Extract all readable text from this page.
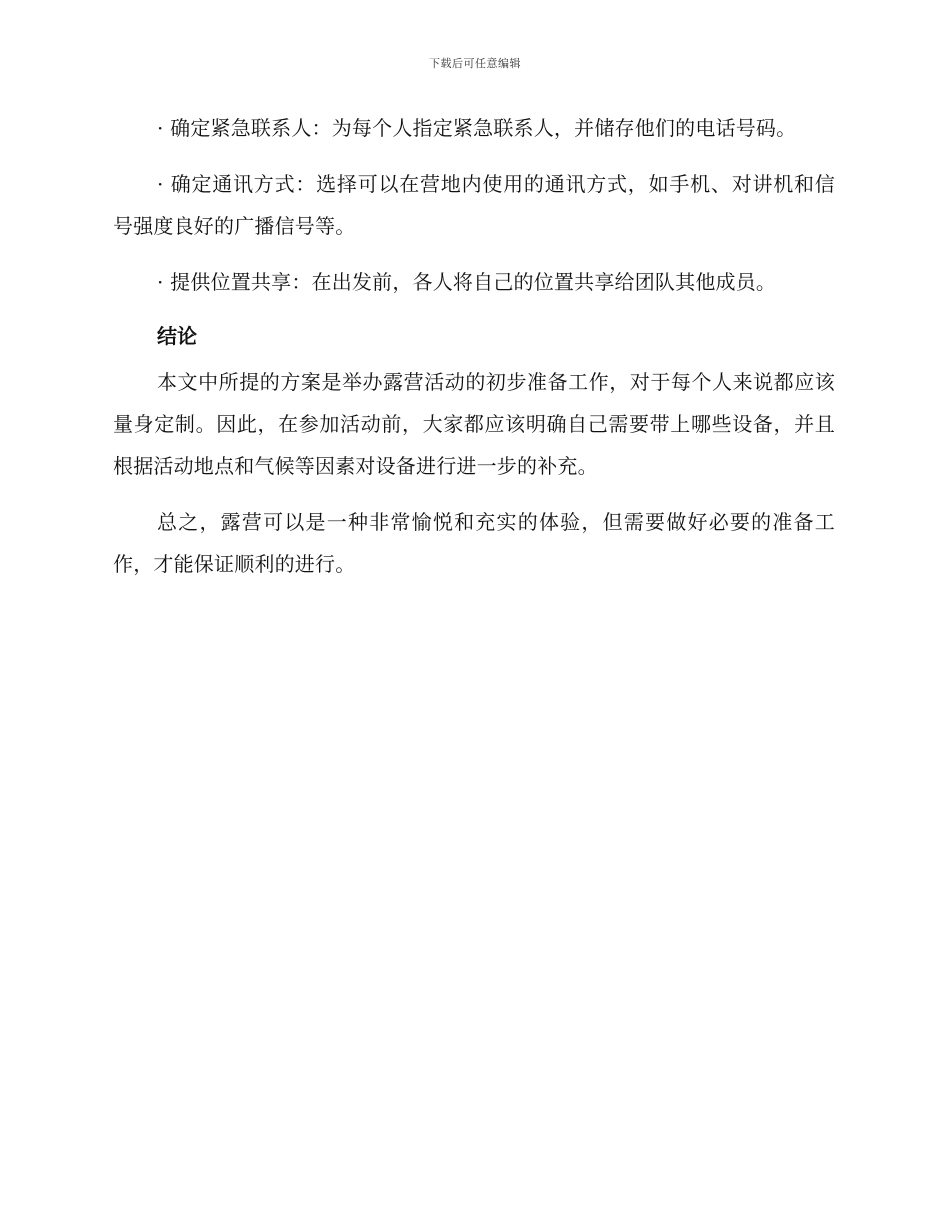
下载后可任意编辑

· 确定紧急联系人：为每个人指定紧急联系人，并储存他们的电话号码。

· 确定通讯方式：选择可以在营地内使用的通讯方式，如手机、对讲机和信号强度良好的广播信号等。

· 提供位置共享：在出发前，各人将自己的位置共享给团队其他成员。

结论

本文中所提的方案是举办露营活动的初步准备工作，对于每个人来说都应该量身定制。因此，在参加活动前，大家都应该明确自己需要带上哪些设备，并且根据活动地点和气候等因素对设备进行进一步的补充。

总之，露营可以是一种非常愉悦和充实的体验，但需要做好必要的准备工作，才能保证顺利的进行。
